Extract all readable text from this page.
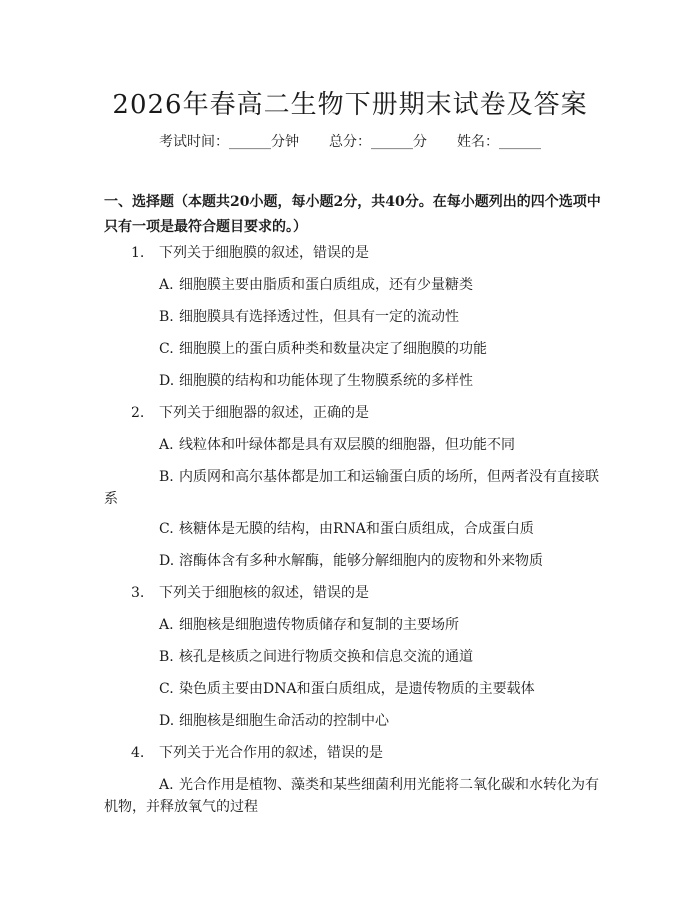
2026年春高二生物下册期末试卷及答案
考试时间：______分钟 总分：______分 姓名：______
一、选择题（本题共20小题，每小题2分，共40分。在每小题列出的四个选项中
只有一项是最符合题目要求的。）
1. 下列关于细胞膜的叙述，错误的是
A. 细胞膜主要由脂质和蛋白质组成，还有少量糖类
B. 细胞膜具有选择透过性，但具有一定的流动性
C. 细胞膜上的蛋白质种类和数量决定了细胞膜的功能
D. 细胞膜的结构和功能体现了生物膜系统的多样性
2. 下列关于细胞器的叙述，正确的是
A. 线粒体和叶绿体都是具有双层膜的细胞器，但功能不同
B. 内质网和高尔基体都是加工和运输蛋白质的场所，但两者没有直接联
系
C. 核糖体是无膜的结构，由RNA和蛋白质组成，合成蛋白质
D. 溶酶体含有多种水解酶，能够分解细胞内的废物和外来物质
3. 下列关于细胞核的叙述，错误的是
A. 细胞核是细胞遗传物质储存和复制的主要场所
B. 核孔是核质之间进行物质交换和信息交流的通道
C. 染色质主要由DNA和蛋白质组成，是遗传物质的主要载体
D. 细胞核是细胞生命活动的控制中心
4. 下列关于光合作用的叙述，错误的是
A. 光合作用是植物、藻类和某些细菌利用光能将二氧化碳和水转化为有
机物，并释放氧气的过程
